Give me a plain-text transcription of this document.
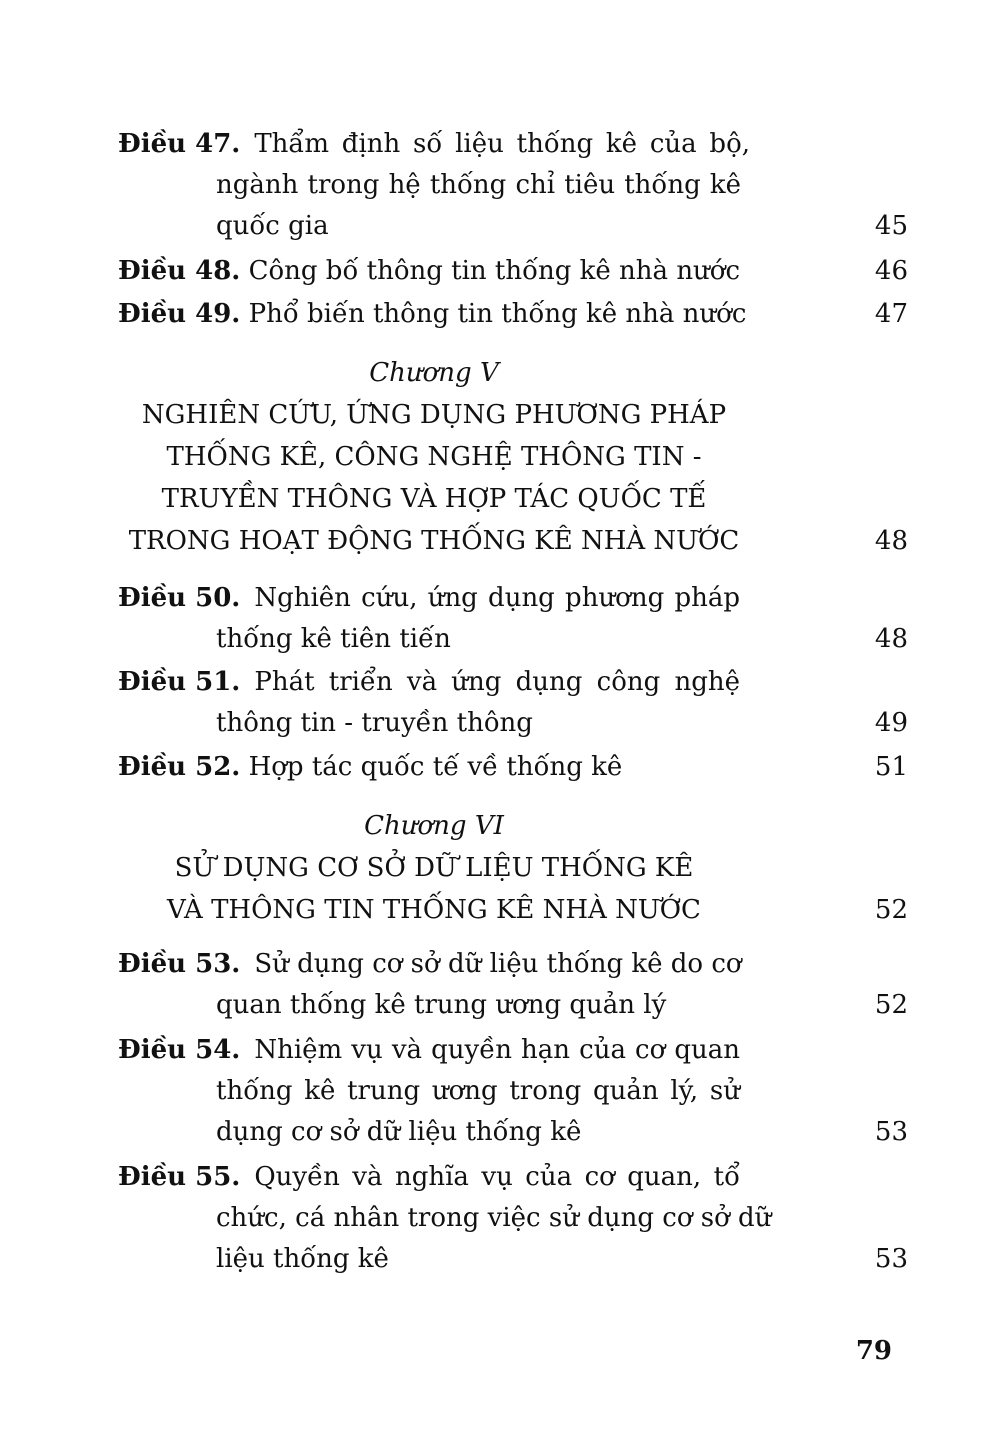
Điều 47. Thẩm định số liệu thống kê của bộ,
ngành trong hệ thống chỉ tiêu thống kê
quốc gia	45
Điều 48. Công bố thông tin thống kê nhà nước	46
Điều 49. Phổ biến thông tin thống kê nhà nước	47
Chương V
NGHIÊN CỨU, ỨNG DỤNG PHƯƠNG PHÁP
THỐNG KÊ, CÔNG NGHỆ THÔNG TIN -
TRUYỀN THÔNG VÀ HỢP TÁC QUỐC TẾ
TRONG HOẠT ĐỘNG THỐNG KÊ NHÀ NƯỚC	48
Điều 50. Nghiên cứu, ứng dụng phương pháp
thống kê tiên tiến	48
Điều 51. Phát triển và ứng dụng công nghệ
thông tin - truyền thông	49
Điều 52. Hợp tác quốc tế về thống kê	51
Chương VI
SỬ DỤNG CƠ SỞ DỮ LIỆU THỐNG KÊ
VÀ THÔNG TIN THỐNG KÊ NHÀ NƯỚC	52
Điều 53. Sử dụng cơ sở dữ liệu thống kê do cơ
quan thống kê trung ương quản lý	52
Điều 54. Nhiệm vụ và quyền hạn của cơ quan
thống kê trung ương trong quản lý, sử
dụng cơ sở dữ liệu thống kê	53
Điều 55. Quyền và nghĩa vụ của cơ quan, tổ
chức, cá nhân trong việc sử dụng cơ sở dữ
liệu thống kê	53
79
